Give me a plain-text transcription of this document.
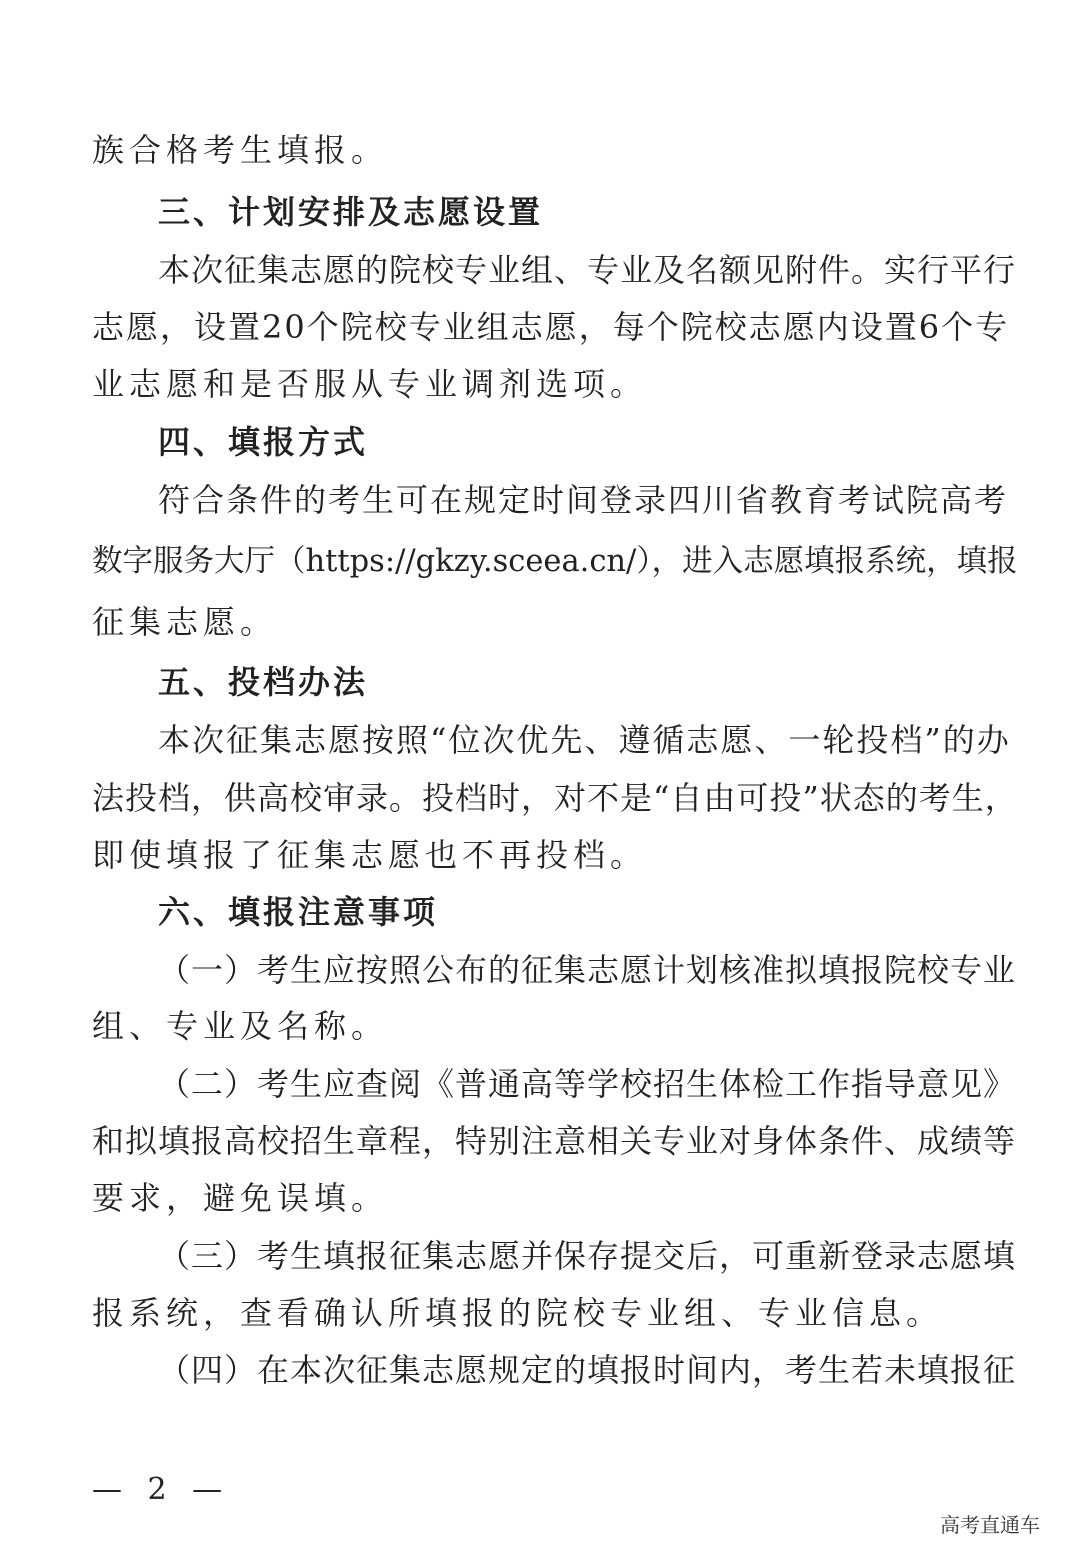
族合格考生填报。

三、计划安排及志愿设置

本次征集志愿的院校专业组、专业及名额见附件。实行平行

志愿，设置20个院校专业组志愿，每个院校志愿内设置6个专

业志愿和是否服从专业调剂选项。

四、填报方式

符合条件的考生可在规定时间登录四川省教育考试院高考

数字服务大厅（https://gkzy.sceea.cn/），进入志愿填报系统，填报

征集志愿。

五、投档办法

本次征集志愿按照“位次优先、遵循志愿、一轮投档”的办

法投档，供高校审录。投档时，对不是“自由可投”状态的考生，

即使填报了征集志愿也不再投档。

六、填报注意事项

（一）考生应按照公布的征集志愿计划核准拟填报院校专业

组、专业及名称。

（二）考生应查阅《普通高等学校招生体检工作指导意见》

和拟填报高校招生章程，特别注意相关专业对身体条件、成绩等

要求，避免误填。

（三）考生填报征集志愿并保存提交后，可重新登录志愿填

报系统，查看确认所填报的院校专业组、专业信息。

（四）在本次征集志愿规定的填报时间内，考生若未填报征

— 2 —
高考直通车
